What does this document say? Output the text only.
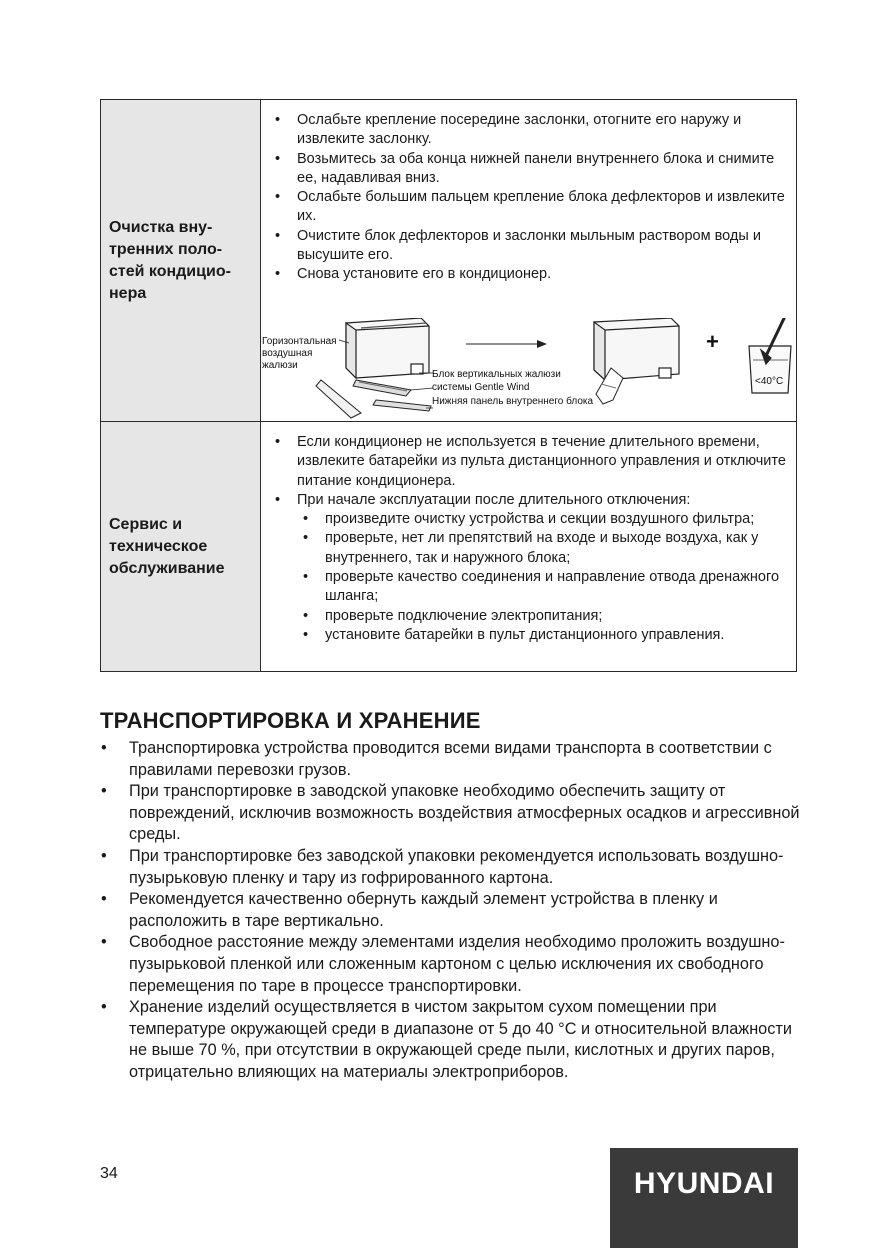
Очистка вну-
тренних поло-
стей кондицио-
нера
• Ослабьте крепление посередине заслонки, отогните его наружу и извлеките заслонку.
• Возьмитесь за оба конца нижней панели внутреннего блока и снимите ее, надавливая вниз.
• Ослабьте большим пальцем крепление блока дефлекторов и извлеките их.
• Очистите блок дефлекторов и заслонки мыльным раствором воды и высушите его.
• Снова установите его в кондиционер.
Горизонтальная
воздушная
жалюзи
Блок вертикальных жалюзи
системы Gentle Wind
Нижняя панель внутреннего блока
+
<40°C
Сервис и
техническое
обслуживание
• Если кондиционер не используется в течение длительного времени, извлеките батарейки из пульта дистанционного управления и отключите питание кондиционера.
• При начале эксплуатации после длительного отключения:
• произведите очистку устройства и секции воздушного фильтра;
• проверьте, нет ли препятствий на входе и выходе воздуха, как у внутреннего, так и наружного блока;
• проверьте качество соединения и направление отвода дренажного шланга;
• проверьте подключение электропитания;
• установите батарейки в пульт дистанционного управления.
ТРАНСПОРТИРОВКА И ХРАНЕНИЕ
• Транспортировка устройства проводится всеми видами транспорта в соответствии с правилами перевозки грузов.
• При транспортировке в заводской упаковке необходимо обеспечить защиту от повреждений, исключив возможность воздействия атмосферных осадков и агрессивной среды.
• При транспортировке без заводской упаковки рекомендуется использовать воздушно-пузырьковую пленку и тару из гофрированного картона.
• Рекомендуется качественно обернуть каждый элемент устройства в пленку и расположить в таре вертикально.
• Свободное расстояние между элементами изделия необходимо проложить воздушно-пузырьковой пленкой или сложенным картоном с целью исключения их свободного перемещения по таре в процессе транспортировки.
• Хранение изделий осуществляется в чистом закрытом сухом помещении при температуре окружающей среди в диапазоне от 5 до 40 °C и относительной влажности не выше 70 %, при отсутствии в окружающей среде пыли, кислотных и других паров, отрицательно влияющих на материалы электроприборов.
34	HYUNDAI
